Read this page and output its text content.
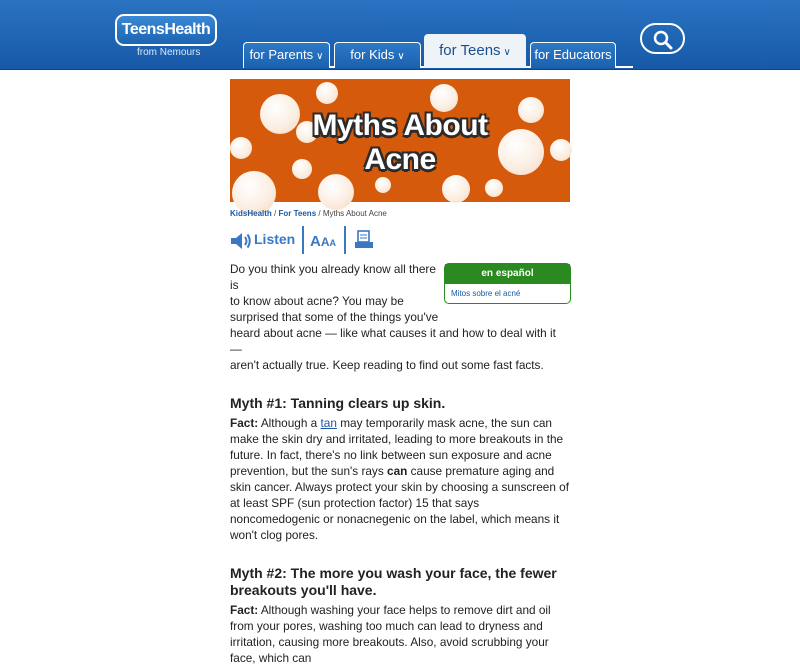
TeensHealth
from Nemours	for Parents ∨	for Kids ∨	for Teens ∨	for Educators
Myths About
Acne
KidsHealth / For Teens / Myths About Acne
Listen AAA
en español
Mitos sobre el acné
Do you think you already know all there is
to know about acne? You may be
surprised that some of the things you've
heard about acne — like what causes it and how to deal with it —
aren't actually true. Keep reading to find out some fast facts.
Myth #1: Tanning clears up skin.

Fact: Although a tan may temporarily mask acne, the sun can make the skin dry and irritated, leading to more breakouts in the future. In fact, there's no link between sun exposure and acne prevention, but the sun's rays can cause premature aging and skin cancer. Always protect your skin by choosing a sunscreen of at least SPF (sun protection factor) 15 that says noncomedogenic or nonacnegenic on the label, which means it won't clog pores.

Myth #2: The more you wash your face, the fewer breakouts you'll have.

Fact: Although washing your face helps to remove dirt and oil from your pores, washing too much can lead to dryness and irritation, causing more breakouts. Also, avoid scrubbing your face, which can
